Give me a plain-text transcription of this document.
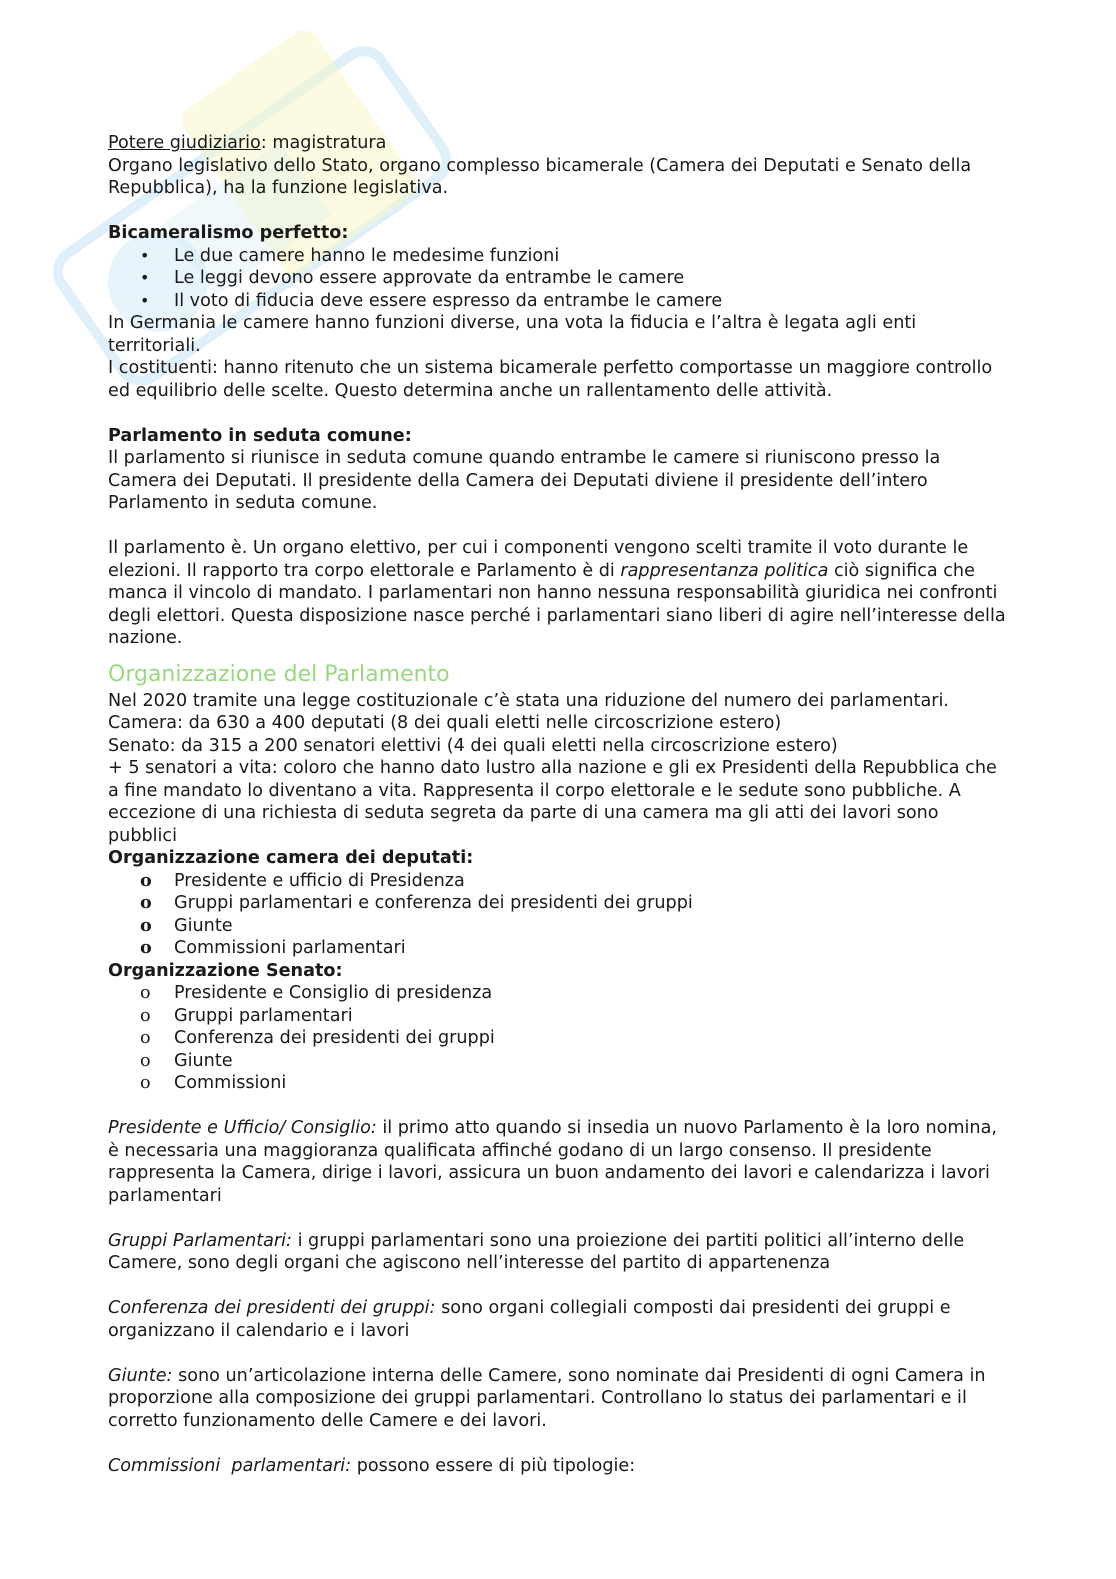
Potere giudiziario: magistratura

Organo legislativo dello Stato, organo complesso bicamerale (Camera dei Deputati e Senato della Repubblica), ha la funzione legislativa.

Bicameralismo perfetto:

• Le due camere hanno le medesime funzioni
• Le leggi devono essere approvate da entrambe le camere
• Il voto di fiducia deve essere espresso da entrambe le camere

In Germania le camere hanno funzioni diverse, una vota la fiducia e l’altra è legata agli enti territoriali.

I costituenti: hanno ritenuto che un sistema bicamerale perfetto comportasse un maggiore controllo ed equilibrio delle scelte. Questo determina anche un rallentamento delle attività.

Parlamento in seduta comune:

Il parlamento si riunisce in seduta comune quando entrambe le camere si riuniscono presso la Camera dei Deputati. Il presidente della Camera dei Deputati diviene il presidente dell’intero Parlamento in seduta comune.

Il parlamento è. Un organo elettivo, per cui i componenti vengono scelti tramite il voto durante le elezioni. Il rapporto tra corpo elettorale e Parlamento è di rappresentanza politica ciò significa che manca il vincolo di mandato. I parlamentari non hanno nessuna responsabilità giuridica nei confronti degli elettori. Questa disposizione nasce perché i parlamentari siano liberi di agire nell’interesse della nazione.

Organizzazione del Parlamento

Nel 2020 tramite una legge costituzionale c’è stata una riduzione del numero dei parlamentari.

Camera: da 630 a 400 deputati (8 dei quali eletti nelle circoscrizione estero)

Senato: da 315 a 200 senatori elettivi (4 dei quali eletti nella circoscrizione estero)

+ 5 senatori a vita: coloro che hanno dato lustro alla nazione e gli ex Presidenti della Repubblica che a fine mandato lo diventano a vita. Rappresenta il corpo elettorale e le sedute sono pubbliche. A eccezione di una richiesta di seduta segreta da parte di una camera ma gli atti dei lavori sono pubblici

Organizzazione camera dei deputati:

o Presidente e ufficio di Presidenza
o Gruppi parlamentari e conferenza dei presidenti dei gruppi
o Giunte
o Commissioni parlamentari

Organizzazione Senato:

o Presidente e Consiglio di presidenza
o Gruppi parlamentari
o Conferenza dei presidenti dei gruppi
o Giunte
o Commissioni

Presidente e Ufficio/ Consiglio: il primo atto quando si insedia un nuovo Parlamento è la loro nomina, è necessaria una maggioranza qualificata affinché godano di un largo consenso. Il presidente rappresenta la Camera, dirige i lavori, assicura un buon andamento dei lavori e calendarizza i lavori parlamentari

Gruppi Parlamentari: i gruppi parlamentari sono una proiezione dei partiti politici all’interno delle Camere, sono degli organi che agiscono nell’interesse del partito di appartenenza

Conferenza dei presidenti dei gruppi: sono organi collegiali composti dai presidenti dei gruppi e organizzano il calendario e i lavori

Giunte: sono un’articolazione interna delle Camere, sono nominate dai Presidenti di ogni Camera in proporzione alla composizione dei gruppi parlamentari. Controllano lo status dei parlamentari e il corretto funzionamento delle Camere e dei lavori.

Commissioni  parlamentari: possono essere di più tipologie:
